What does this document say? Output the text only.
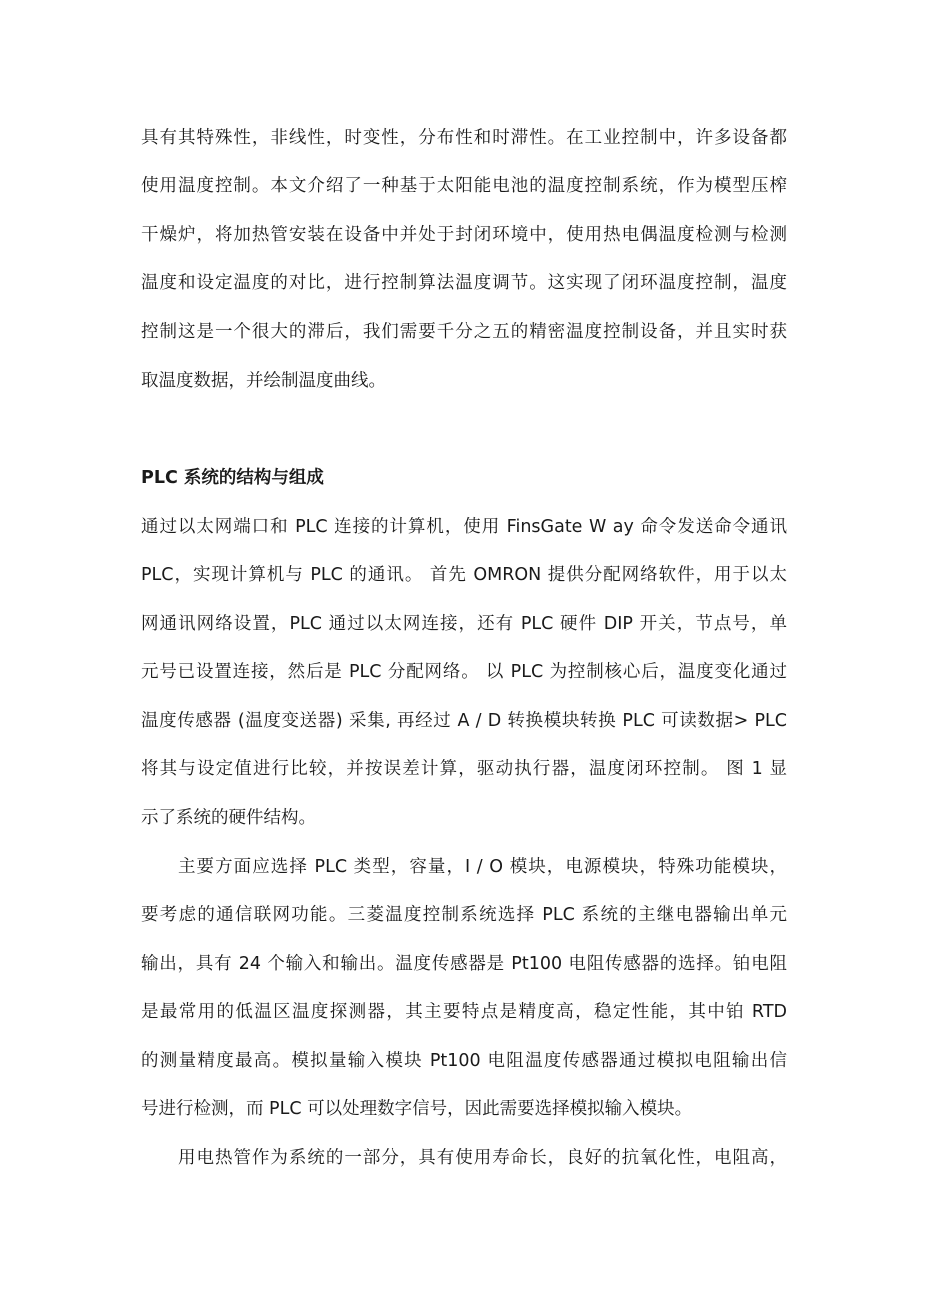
具有其特殊性，非线性，时变性，分布性和时滞性。在工业控制中，许多设备都
使用温度控制。本文介绍了一种基于太阳能电池的温度控制系统，作为模型压榨
干燥炉，将加热管安装在设备中并处于封闭环境中，使用热电偶温度检测与检测
温度和设定温度的对比，进行控制算法温度调节。这实现了闭环温度控制，温度
控制这是一个很大的滞后，我们需要千分之五的精密温度控制设备，并且实时获
取温度数据，并绘制温度曲线。
PLC 系统的结构与组成
通过以太网端口和 PLC 连接的计算机，使用 FinsGate W ay 命令发送命令通讯
PLC，实现计算机与 PLC 的通讯。 首先 OMRON 提供分配网络软件，用于以太
网通讯网络设置，PLC 通过以太网连接，还有 PLC 硬件 DIP 开关，节点号，单
元号已设置连接，然后是 PLC 分配网络。 以 PLC 为控制核心后，温度变化通过
温度传感器 (温度变送器) 采集, 再经过 A / D 转换模块转换 PLC 可读数据> PLC
将其与设定值进行比较，并按误差计算，驱动执行器，温度闭环控制。 图 1 显
示了系统的硬件结构。
主要方面应选择 PLC 类型，容量，I / O 模块，电源模块，特殊功能模块，
要考虑的通信联网功能。三菱温度控制系统选择 PLC 系统的主继电器输出单元
输出，具有 24 个输入和输出。温度传感器是 Pt100 电阻传感器的选择。铂电阻
是最常用的低温区温度探测器，其主要特点是精度高，稳定性能，其中铂 RTD
的测量精度最高。模拟量输入模块 Pt100 电阻温度传感器通过模拟电阻输出信
号进行检测，而 PLC 可以处理数字信号，因此需要选择模拟输入模块。
用电热管作为系统的一部分，具有使用寿命长，良好的抗氧化性，电阻高，
